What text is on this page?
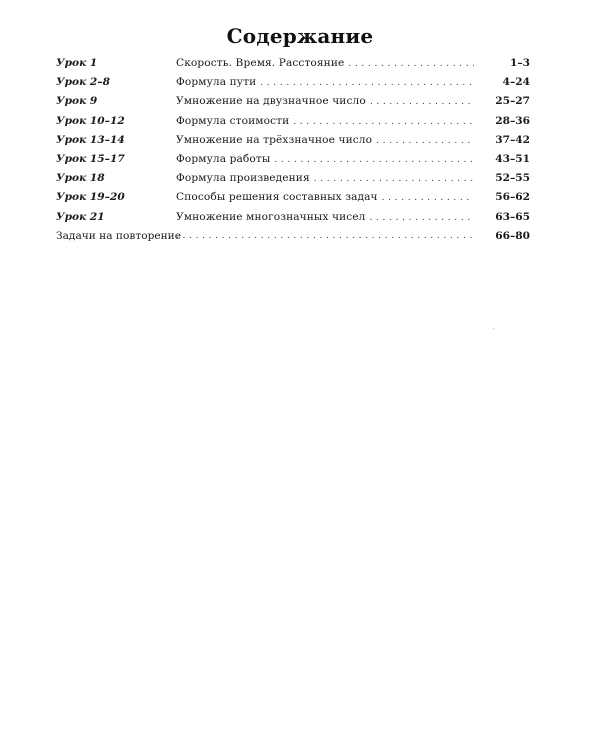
Содержание
Урок 1	Скорость. Время. Расстояние . . .	1–3
Урок 2–8	Формула пути . . .	4–24
Урок 9	Умножение на двузначное число . . .	25–27
Урок 10–12	Формула стоимости . . .	28–36
Урок 13–14	Умножение на трёхзначное число . . .	37–42
Урок 15–17	Формула работы . . .	43–51
Урок 18	Формула произведения . . .	52–55
Урок 19–20	Способы решения составных задач . . .	56–62
Урок 21	Умножение многозначных чисел . . .	63–65
Задачи на повторение . . .	66–80
